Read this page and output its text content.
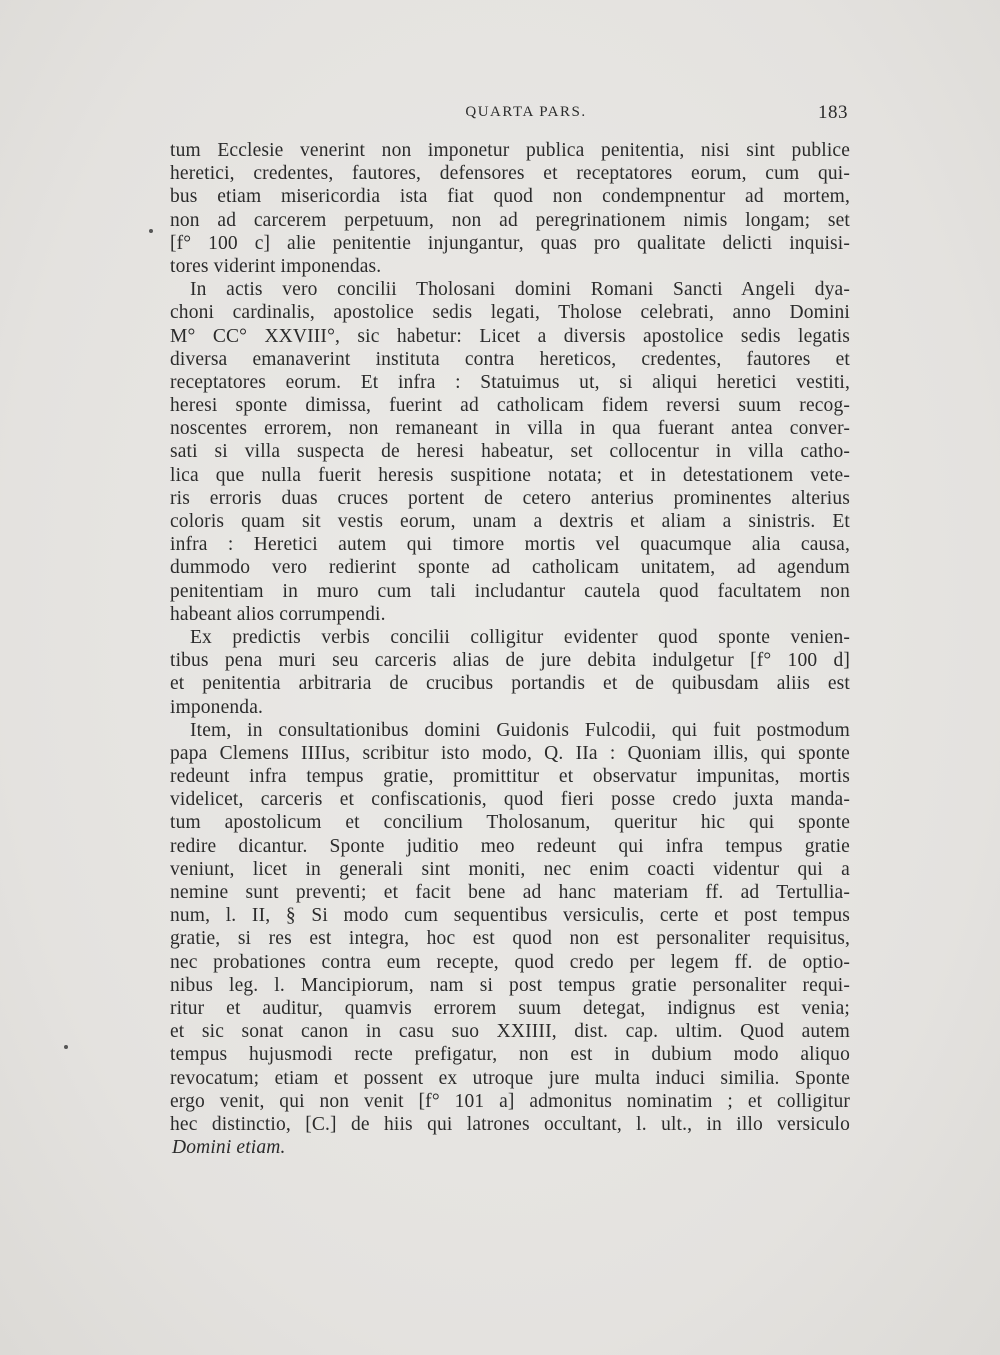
QUARTA PARS.	183
tum Ecclesie venerint non imponetur publica penitentia, nisi sint publice
heretici, credentes, fautores, defensores et receptatores eorum, cum qui-
bus etiam misericordia ista fiat quod non condempnentur ad mortem,
non ad carcerem perpetuum, non ad peregrinationem nimis longam; set
[f° 100 c] alie penitentie injungantur, quas pro qualitate delicti inquisi-
tores viderint imponendas.
In actis vero concilii Tholosani domini Romani Sancti Angeli dya-
choni cardinalis, apostolice sedis legati, Tholose celebrati, anno Domini
M° CC° XXVIII°, sic habetur: Licet a diversis apostolice sedis legatis
diversa emanaverint instituta contra hereticos, credentes, fautores et
receptatores eorum. Et infra : Statuimus ut, si aliqui heretici vestiti,
heresi sponte dimissa, fuerint ad catholicam fidem reversi suum recog-
noscentes errorem, non remaneant in villa in qua fuerant antea conver-
sati si villa suspecta de heresi habeatur, set collocentur in villa catho-
lica que nulla fuerit heresis suspitione notata; et in detestationem vete-
ris erroris duas cruces portent de cetero anterius prominentes alterius
coloris quam sit vestis eorum, unam a dextris et aliam a sinistris. Et
infra : Heretici autem qui timore mortis vel quacumque alia causa,
dummodo vero redierint sponte ad catholicam unitatem, ad agendum
penitentiam in muro cum tali includantur cautela quod facultatem non
habeant alios corrumpendi.
Ex predictis verbis concilii colligitur evidenter quod sponte venien-
tibus pena muri seu carceris alias de jure debita indulgetur [f° 100 d]
et penitentia arbitraria de crucibus portandis et de quibusdam aliis est
imponenda.
Item, in consultationibus domini Guidonis Fulcodii, qui fuit postmodum
papa Clemens IIIIus, scribitur isto modo, Q. IIa : Quoniam illis, qui sponte
redeunt infra tempus gratie, promittitur et observatur impunitas, mortis
videlicet, carceris et confiscationis, quod fieri posse credo juxta manda-
tum apostolicum et concilium Tholosanum, queritur hic qui sponte
redire dicantur. Sponte juditio meo redeunt qui infra tempus gratie
veniunt, licet in generali sint moniti, nec enim coacti videntur qui a
nemine sunt preventi; et facit bene ad hanc materiam ff. ad Tertullia-
num, l. II, § Si modo cum sequentibus versiculis, certe et post tempus
gratie, si res est integra, hoc est quod non est personaliter requisitus,
nec probationes contra eum recepte, quod credo per legem ff. de optio-
nibus leg. l. Mancipiorum, nam si post tempus gratie personaliter requi-
ritur et auditur, quamvis errorem suum detegat, indignus est venia;
et sic sonat canon in casu suo XXIIII, dist. cap. ultim. Quod autem
tempus hujusmodi recte prefigatur, non est in dubium modo aliquo
revocatum; etiam et possent ex utroque jure multa induci similia. Sponte
ergo venit, qui non venit [f° 101 a] admonitus nominatim ; et colligitur
hec distinctio, [C.] de hiis qui latrones occultant, l. ult., in illo versiculo
Domini etiam.
